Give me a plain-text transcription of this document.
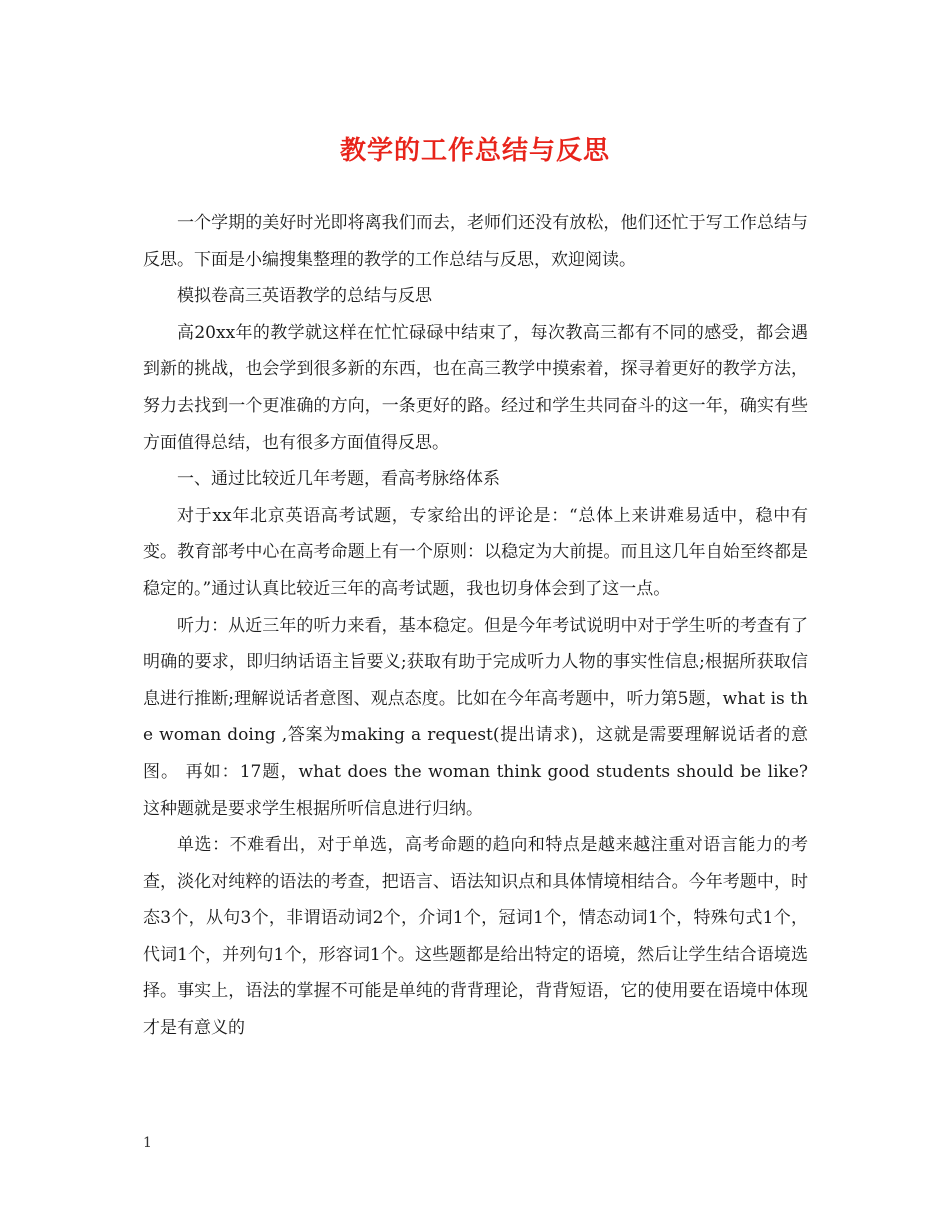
教学的工作总结与反思

一个学期的美好时光即将离我们而去，老师们还没有放松，他们还忙于写工作总结与反思。下面是小编搜集整理的教学的工作总结与反思，欢迎阅读。

模拟卷高三英语教学的总结与反思

高20xx年的教学就这样在忙忙碌碌中结束了，每次教高三都有不同的感受，都会遇到新的挑战，也会学到很多新的东西，也在高三教学中摸索着，探寻着更好的教学方法，努力去找到一个更准确的方向，一条更好的路。经过和学生共同奋斗的这一年，确实有些方面值得总结，也有很多方面值得反思。

一、通过比较近几年考题，看高考脉络体系

对于xx年北京英语高考试题，专家给出的评论是：“总体上来讲难易适中，稳中有变。教育部考中心在高考命题上有一个原则：以稳定为大前提。而且这几年自始至终都是稳定的。”通过认真比较近三年的高考试题，我也切身体会到了这一点。

听力：从近三年的听力来看，基本稳定。但是今年考试说明中对于学生听的考查有了明确的要求，即归纳话语主旨要义;获取有助于完成听力人物的事实性信息;根据所获取信息进行推断;理解说话者意图、观点态度。比如在今年高考题中，听力第5题，what is the woman doing ,答案为making a request(提出请求)，这就是需要理解说话者的意图。 再如：17题，what does the woman think good students should be like? 这种题就是要求学生根据所听信息进行归纳。

单选：不难看出，对于单选，高考命题的趋向和特点是越来越注重对语言能力的考查，淡化对纯粹的语法的考查，把语言、语法知识点和具体情境相结合。今年考题中，时态3个，从句3个，非谓语动词2个，介词1个，冠词1个，情态动词1个，特殊句式1个，代词1个，并列句1个，形容词1个。这些题都是给出特定的语境，然后让学生结合语境选择。事实上，语法的掌握不可能是单纯的背背理论，背背短语，它的使用要在语境中体现才是有意义的

1
